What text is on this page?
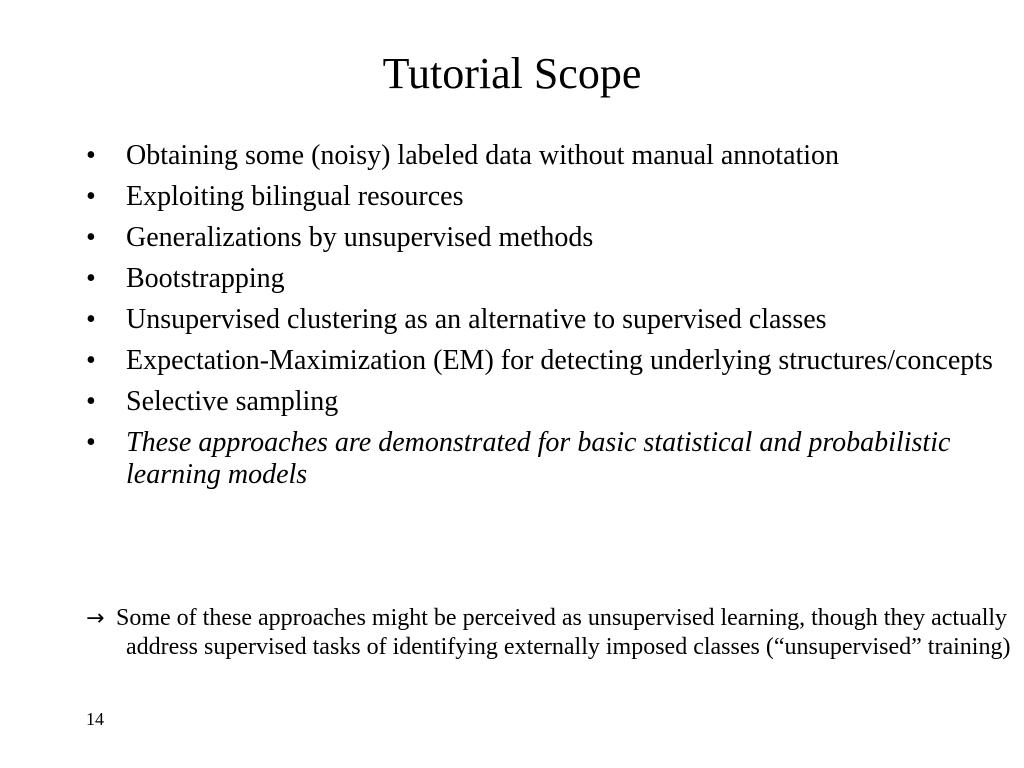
Tutorial Scope
•	Obtaining some (noisy) labeled data without manual annotation
•	Exploiting bilingual resources
•	Generalizations by unsupervised methods
•	Bootstrapping
•	Unsupervised clustering as an alternative to supervised classes
•	Expectation-Maximization (EM) for detecting underlying structures/concepts
•	Selective sampling
•	These approaches are demonstrated for basic statistical and probabilistic learning models
→ Some of these approaches might be perceived as unsupervised learning, though they actually address supervised tasks of identifying externally imposed classes (“unsupervised” training)
14
